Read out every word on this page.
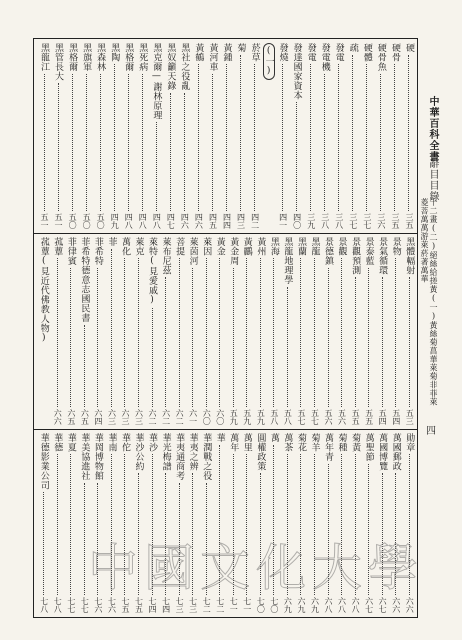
黑龍江
五一
黑管長大
五一
黑格爾
五〇
黑旗軍
五〇
黑森林
五〇
黑陶
四九
黑格爾
四八
黑死病
四八
黑克爾—謝林原理
四八
黑奴籲天錄
四七
黑社之役亂
四六
黃鶴
四六
黃河車
四五
黃鍾
四四
菊
四三
菸草
四二
(一) 發燒
四一
發達國家資本
四〇
發電
三九
發電機
三八
發電
三八
疏
三七
硬體
三七
硬骨魚
三六
硬骨
三五
硬
三五
菰蕈(見近代佛教人物) 菰蕈
六六
菲律賓
六五
菲希特德意志國民書
六五
菲希特
六四
菲
六三
萬化
六三
萊克
六三
萊特(見愛戚)
六二
萊布尼茲
六二
菩提
六二
萊茵河
六一
萊因
六〇
黃金
六〇
黃金周
五九
黃鸝
五九
黃州
五九
黑海
五八
黑龍地理學
五八
黑蘭
五七
黑龍
五七
景德鎮
五六
景觀
五六
景觀預測
五五
景泰藍
五五
景氣循環
五四
景物
五四
黑體輻射
五三
華德影業公司
七八
華德
七八
華夏
七七
華美協進社
七七
華岡博物館
七六
華南
七六
華佗
七五
華沙公約
七五
華沙
七四
華光梅譜
七四
華夷通商考
七三
華夷之辨
七三
華潤戰之役
七二
華
七二
萬年
七一
萬里
七一
圓權政策
七〇
萬
七〇
萬茶
六九
菊花
六九
菊羊
六九
萬年青
六八
菊種
六八
菊黃
六八
萬聖節
六七
萬國博覽
六七
萬國郵政
六六
勛章
六六
中華百科全書
辭目目錄
十二畫(二)絕絲給搓黃(一)黃絲菊菖華萊菊非菲萊菱菩萬萬游萊菸著萬華
四
中國文化大學
